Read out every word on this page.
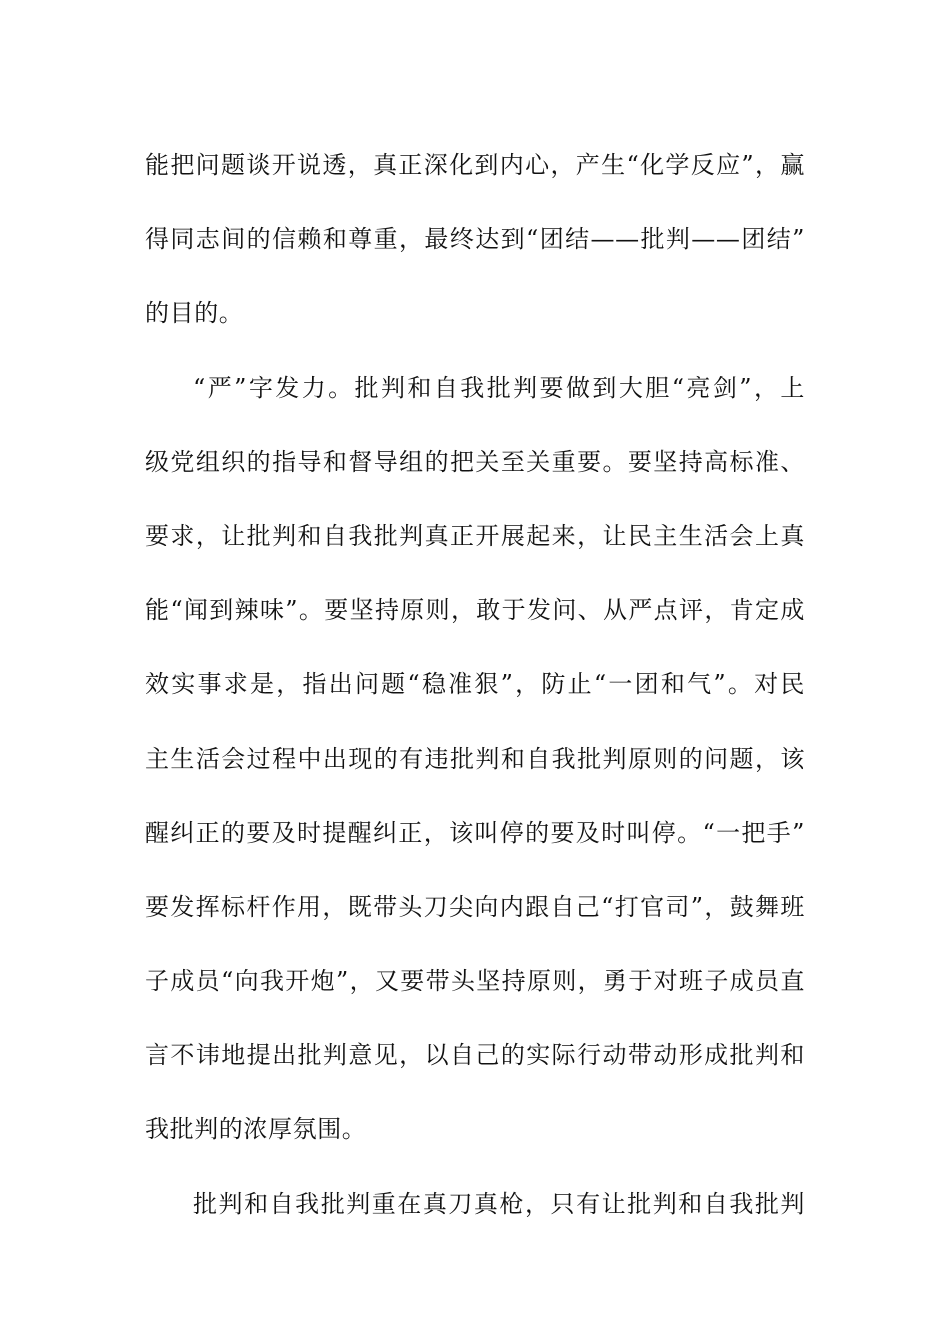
能把问题谈开说透，真正深化到内心，产生“化学反应”，赢
得同志间的信赖和尊重，最终达到“团结——批判——团结”
的目的。
“严”字发力。批判和自我批判要做到大胆“亮剑”，上
级党组织的指导和督导组的把关至关重要。要坚持高标准、
要求，让批判和自我批判真正开展起来，让民主生活会上真
能“闻到辣味”。要坚持原则，敢于发问、从严点评，肯定成
效实事求是，指出问题“稳准狠”，防止“一团和气”。对民
主生活会过程中出现的有违批判和自我批判原则的问题，该
醒纠正的要及时提醒纠正，该叫停的要及时叫停。“一把手”
要发挥标杆作用，既带头刀尖向内跟自己“打官司”，鼓舞班
子成员“向我开炮”，又要带头坚持原则，勇于对班子成员直
言不讳地提出批判意见，以自己的实际行动带动形成批判和
我批判的浓厚氛围。
批判和自我批判重在真刀真枪，只有让批判和自我批判
